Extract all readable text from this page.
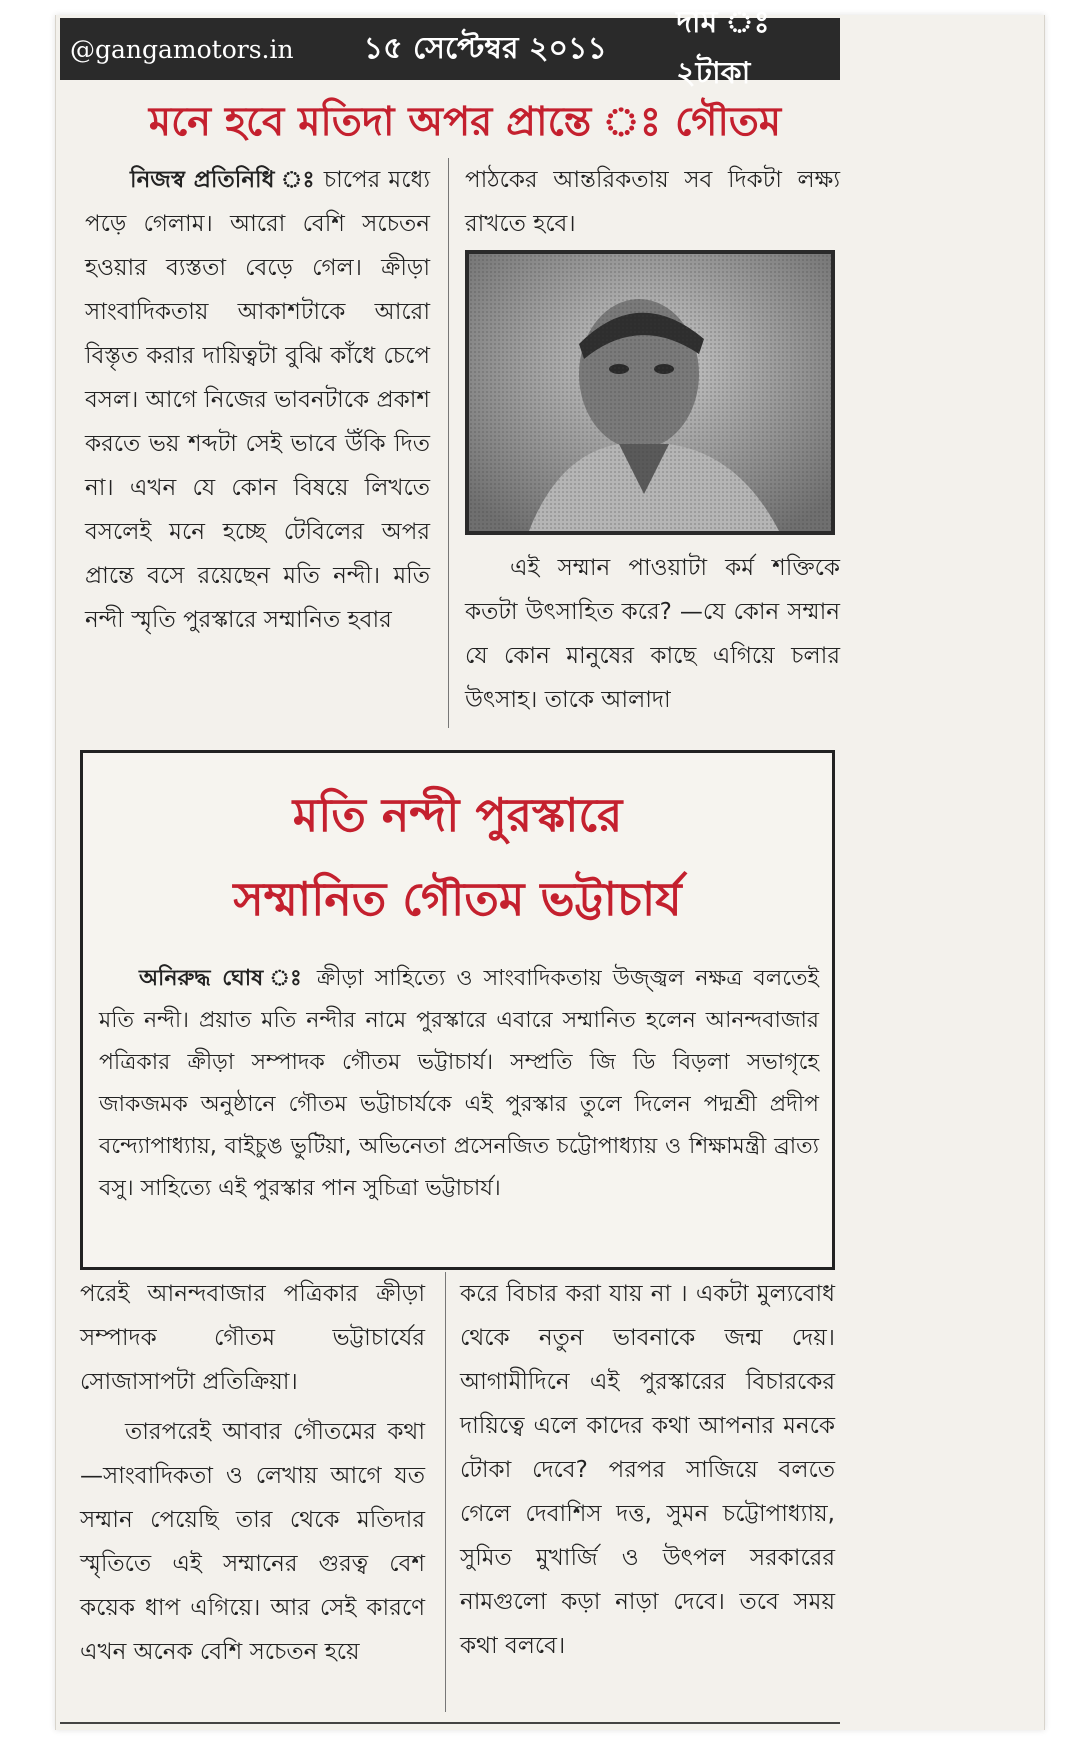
@gangamotors.in ১৫ সেপ্টেম্বর ২০১১
দাম ঃ ২টাকা
মনে হবে মতিদা অপর প্রান্তে ঃ গৌতম

নিজস্ব প্রতিনিধি ঃ চাপের মধ্যে পড়ে গেলাম। আরো বেশি সচেতন হওয়ার ব্যস্ততা বেড়ে গেল। ক্রীড়া সাংবাদিকতায় আকাশটাকে আরো বিস্তৃত করার দায়িত্বটা বুঝি কাঁধে চেপে বসল। আগে নিজের ভাবনটাকে প্রকাশ করতে ভয় শব্দটা সেই ভাবে উঁকি দিত না। এখন যে কোন বিষয়ে লিখতে বসলেই মনে হচ্ছে টেবিলের অপর প্রান্তে বসে রয়েছেন মতি নন্দী। মতি নন্দী স্মৃতি পুরস্কারে সম্মানিত হবার

পাঠকের আন্তরিকতায় সব দিকটা লক্ষ্য রাখতে হবে।

এই সম্মান পাওয়াটা কর্ম শক্তিকে কতটা উৎসাহিত করে? —যে কোন সম্মান যে কোন মানুষের কাছে এগিয়ে চলার উৎসাহ। তাকে আলাদা

মতি নন্দী পুরস্কারে
সম্মানিত গৌতম ভট্টাচার্য
অনিরুদ্ধ ঘোষ ঃ ক্রীড়া সাহিত্যে ও সাংবাদিকতায় উজ্জ্বল নক্ষত্র বলতেই মতি নন্দী। প্রয়াত মতি নন্দীর নামে পুরস্কারে এবারে সম্মানিত হলেন আনন্দবাজার পত্রিকার ক্রীড়া সম্পাদক গৌতম ভট্টাচার্য। সম্প্রতি জি ডি বিড়লা সভাগৃহে জাকজমক অনুষ্ঠানে গৌতম ভট্টাচার্যকে এই পুরস্কার তুলে দিলেন পদ্মশ্রী প্রদীপ বন্দ্যোপাধ্যায়, বাইচুঙ ভুটিয়া, অভিনেতা প্রসেনজিত চট্টোপাধ্যায় ও শিক্ষামন্ত্রী ব্রাত্য বসু। সাহিত্যে এই পুরস্কার পান সুচিত্রা ভট্টাচার্য।

পরেই আনন্দবাজার পত্রিকার ক্রীড়া সম্পাদক গৌতম ভট্টাচার্যের সোজাসাপটা প্রতিক্রিয়া।

তারপরেই আবার গৌতমের কথা—সাংবাদিকতা ও লেখায় আগে যত সম্মান পেয়েছি তার থেকে মতিদার স্মৃতিতে এই সম্মানের গুরত্ব বেশ কয়েক ধাপ এগিয়ে। আর সেই কারণে এখন অনেক বেশি সচেতন হয়ে

করে বিচার করা যায় না । একটা মুল্যবোধ থেকে নতুন ভাবনাকে জন্ম দেয়। আগামীদিনে এই পুরস্কারের বিচারকের দায়িত্বে এলে কাদের কথা আপনার মনকে টোকা দেবে? পরপর সাজিয়ে বলতে গেলে দেবাশিস দত্ত, সুমন চট্টোপাধ্যায়, সুমিত মুখার্জি ও উৎপল সরকারের নামগুলো কড়া নাড়া দেবে। তবে সময় কথা বলবে।
